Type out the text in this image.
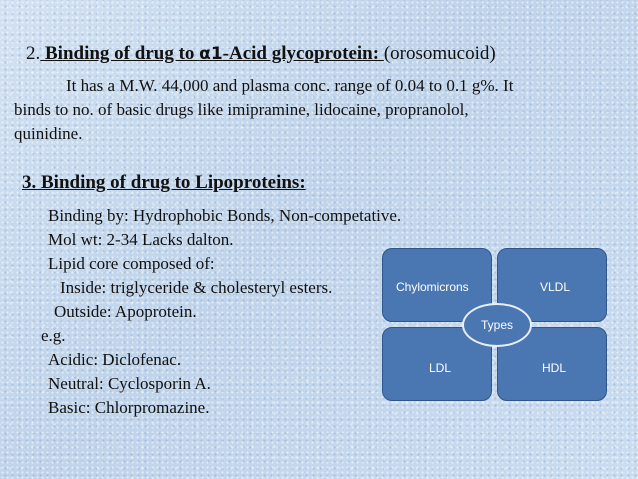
2. Binding of drug to α1-Acid glycoprotein: (orosomucoid)
It has a M.W. 44,000 and plasma conc. range of 0.04 to 0.1 g%. It
binds to no. of basic drugs like imipramine, lidocaine, propranolol,
quinidine.
3. Binding of drug to Lipoproteins:
Binding by: Hydrophobic Bonds, Non-competative.
Mol wt: 2-34 Lacks dalton.
Lipid core composed of:
Inside: triglyceride & cholesteryl esters.
Outside: Apoprotein.
e.g.
Acidic: Diclofenac.
Neutral: Cyclosporin A.
Basic: Chlorpromazine.
Chylomicrons	VLDL
LDL	HDL
Types
